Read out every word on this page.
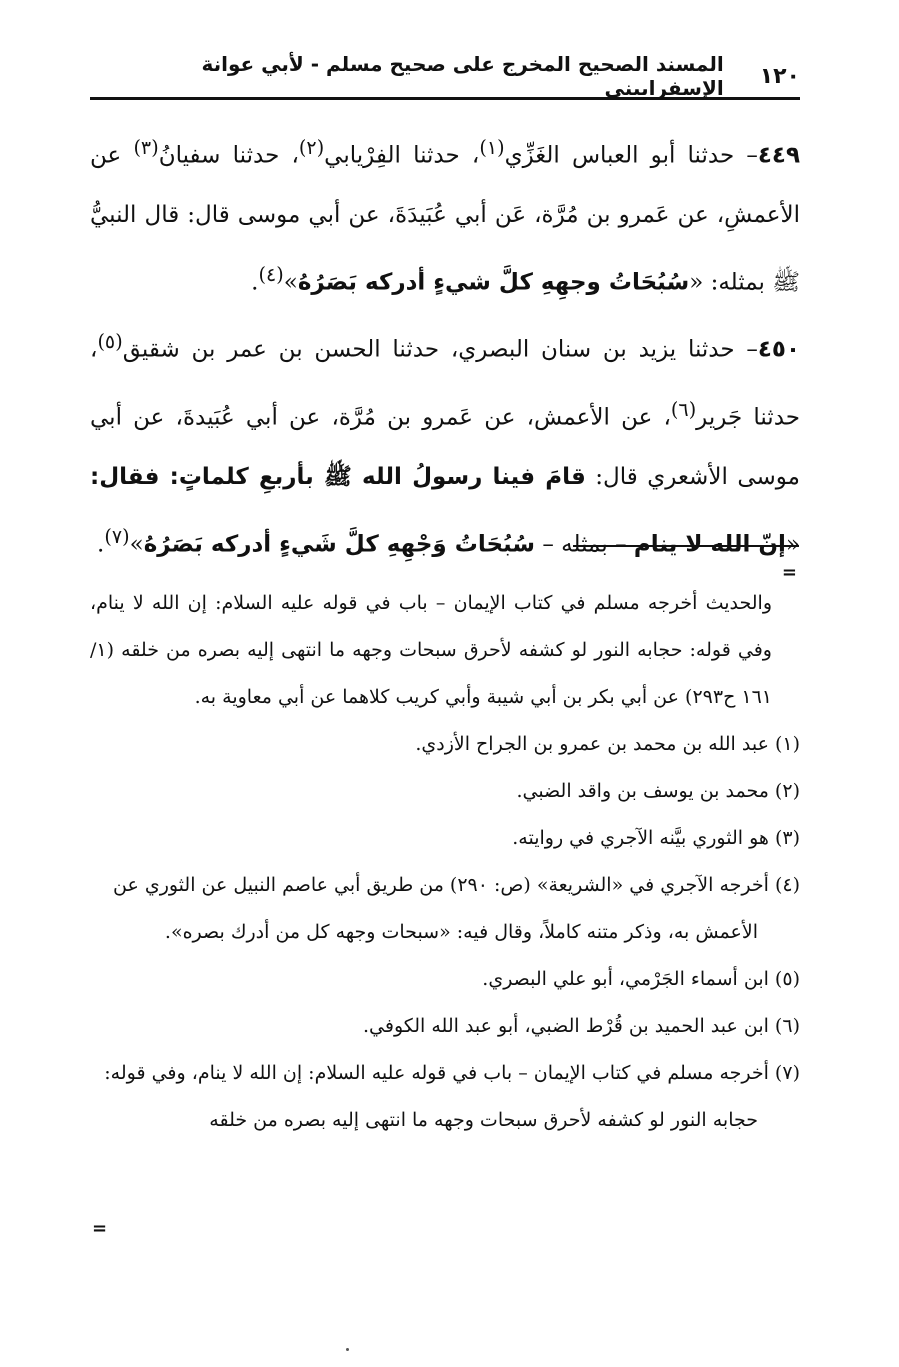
١٢٠
المسند الصحيح المخرج على صحيح مسلم - لأبي عوانة الإسفراييني

٤٤٩– حدثنا أبو العباس الغَزِّي$^{(١)}$، حدثنا الفِرْيابي$^{(٢)}$، حدثنا سفيانُ$^{(٣)}$ عن الأعمشِ، عن عَمرو بن مُرَّة، عَن أبي عُبَيدَةَ، عن أبي موسى قال: قال النبيُّ ﷺ بمثله: «سُبُحَاتُ وجهِهِ كلَّ شيءٍ أدركه بَصَرُهُ»$^{(٤)}$.

٤٥٠– حدثنا يزيد بن سنان البصري، حدثنا الحسن بن عمر بن شقيق$^{(٥)}$، حدثنا جَرير$^{(٦)}$، عن الأعمش، عن عَمرو بن مُرَّة، عن أبي عُبَيدةَ، عن أبي موسى الأشعري قال: قامَ فينا رسولُ الله ﷺ بأربعِ كلماتٍ: فقال: «إنّ الله لا ينام – بمثله – سُبُحَاتُ وَجْهِهِ كلَّ شَيءٍ أدركه بَصَرُهُ»$^{(٧)}$.

=

والحديث أخرجه مسلم في كتاب الإيمان – باب في قوله عليه السلام: إن الله لا ينام، وفي قوله: حجابه النور لو كشفه لأحرق سبحات وجهه ما انتهى إليه بصره من خلقه (١/ ١٦١ ح٢٩٣) عن أبي بكر بن أبي شيبة وأبي كريب كلاهما عن أبي معاوية به.

(١) عبد الله بن محمد بن عمرو بن الجراح الأزدي.

(٢) محمد بن يوسف بن واقد الضبي.

(٣) هو الثوري بيَّنه الآجري في روايته.

(٤) أخرجه الآجري في «الشريعة» (ص: ٢٩٠) من طريق أبي عاصم النبيل عن الثوري عن

الأعمش به، وذكر متنه كاملاً، وقال فيه: «سبحات وجهه كل من أدرك بصره».

(٥) ابن أسماء الجَرْمي، أبو علي البصري.

(٦) ابن عبد الحميد بن قُرْط الضبي، أبو عبد الله الكوفي.

(٧) أخرجه مسلم في كتاب الإيمان – باب في قوله عليه السلام: إن الله لا ينام، وفي قوله:

حجابه النور لو كشفه لأحرق سبحات وجهه ما انتهى إليه بصره من خلقه

=
